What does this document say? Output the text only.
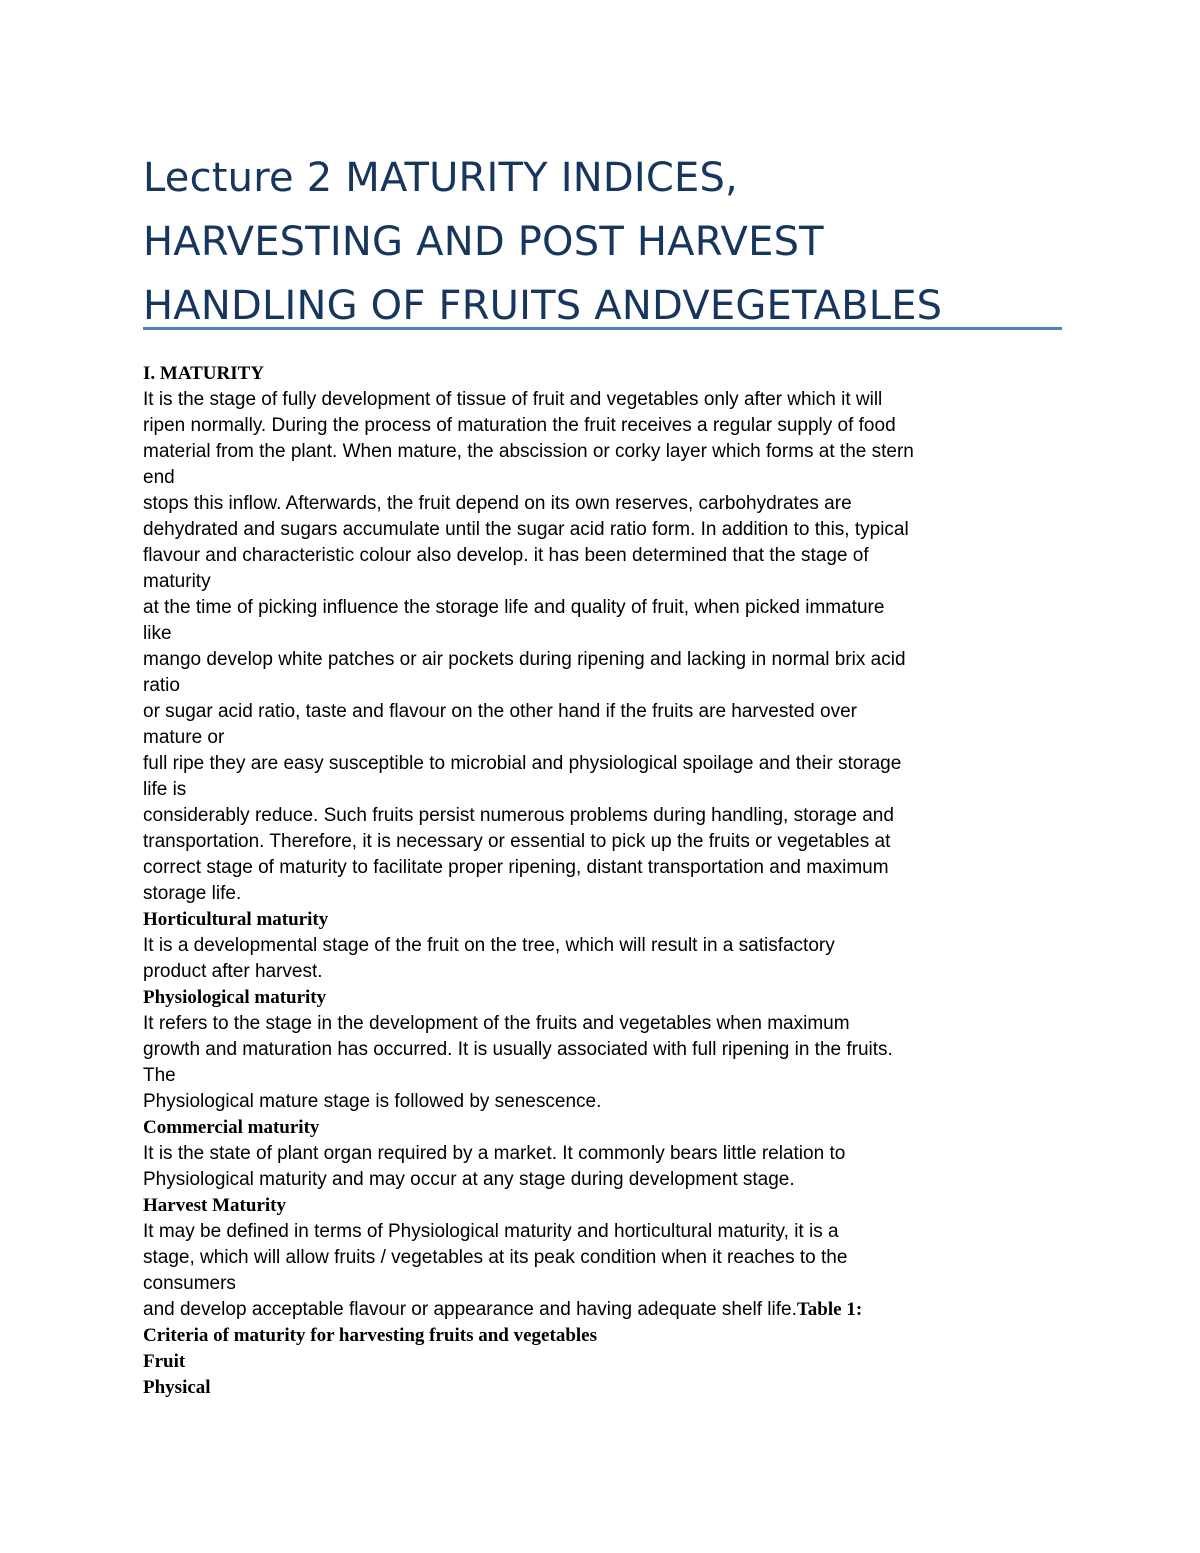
Lecture 2 MATURITY INDICES,
HARVESTING AND POST HARVEST
HANDLING OF FRUITS ANDVEGETABLES
I. MATURITY
It is the stage of fully development of tissue of fruit and vegetables only after which it will
ripen normally. During the process of maturation the fruit receives a regular supply of food
material from the plant. When mature, the abscission or corky layer which forms at the stern
end
stops this inflow. Afterwards, the fruit depend on its own reserves, carbohydrates are
dehydrated and sugars accumulate until the sugar acid ratio form. In addition to this, typical
flavour and characteristic colour also develop. it has been determined that the stage of
maturity
at the time of picking influence the storage life and quality of fruit, when picked immature
like
mango develop white patches or air pockets during ripening and lacking in normal brix acid
ratio
or sugar acid ratio, taste and flavour on the other hand if the fruits are harvested over
mature or
full ripe they are easy susceptible to microbial and physiological spoilage and their storage
life is
considerably reduce. Such fruits persist numerous problems during handling, storage and
transportation. Therefore, it is necessary or essential to pick up the fruits or vegetables at
correct stage of maturity to facilitate proper ripening, distant transportation and maximum
storage life.
Horticultural maturity
It is a developmental stage of the fruit on the tree, which will result in a satisfactory
product after harvest.
Physiological maturity
It refers to the stage in the development of the fruits and vegetables when maximum
growth and maturation has occurred. It is usually associated with full ripening in the fruits.
The
Physiological mature stage is followed by senescence.
Commercial maturity
It is the state of plant organ required by a market. It commonly bears little relation to
Physiological maturity and may occur at any stage during development stage.
Harvest Maturity
It may be defined in terms of Physiological maturity and horticultural maturity, it is a
stage, which will allow fruits / vegetables at its peak condition when it reaches to the
consumers
and develop acceptable flavour or appearance and having adequate shelf life.Table 1:
Criteria of maturity for harvesting fruits and vegetables
Fruit
Physical
